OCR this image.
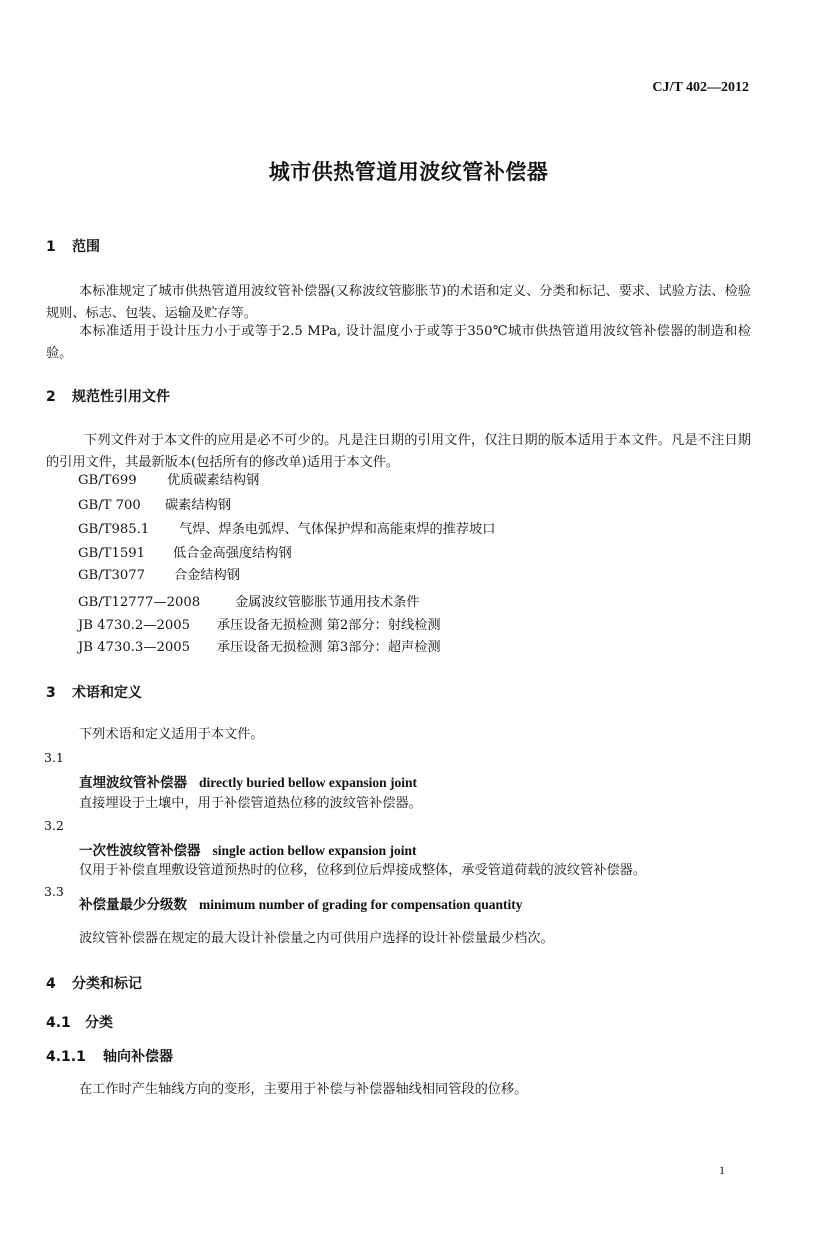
CJ/T 402—2012
城市供热管道用波纹管补偿器
1 范围
本标准规定了城市供热管道用波纹管补偿器(又称波纹管膨胀节)的术语和定义、分类和标记、要求、试验方法、检验规则、标志、包装、运输及贮存等。
本标准适用于设计压力小于或等于2.5 MPa, 设计温度小于或等于350℃城市供热管道用波纹管补偿器的制造和检验。
2 规范性引用文件
下列文件对于本文件的应用是必不可少的。凡是注日期的引用文件，仅注日期的版本适用于本文件。凡是不注日期的引用文件，其最新版本(包括所有的修改单)适用于本文件。
GB/T699 优质碳素结构钢
GB/T 700 碳素结构钢
GB/T985.1 气焊、焊条电弧焊、气体保护焊和高能束焊的推荐坡口
GB/T1591 低合金高强度结构钢
GB/T3077 合金结构钢
GB/T12777—2008	金属波纹管膨胀节通用技术条件
JB 4730.2—2005 承压设备无损检测 第2部分：射线检测
JB 4730.3—2005 承压设备无损检测 第3部分：超声检测
3 术语和定义
下列术语和定义适用于本文件。
3.1
直埋波纹管补偿器 directly buried bellow expansion joint
直接埋设于土壤中，用于补偿管道热位移的波纹管补偿器。
3.2
一次性波纹管补偿器 single action bellow expansion joint
仅用于补偿直埋敷设管道预热时的位移，位移到位后焊接成整体，承受管道荷载的波纹管补偿器。
3.3
补偿量最少分级数 minimum number of grading for compensation quantity
波纹管补偿器在规定的最大设计补偿量之内可供用户选择的设计补偿量最少档次。
4 分类和标记
4.1 分类
4.1.1 轴向补偿器
在工作时产生轴线方向的变形，主要用于补偿与补偿器轴线相同管段的位移。
1
